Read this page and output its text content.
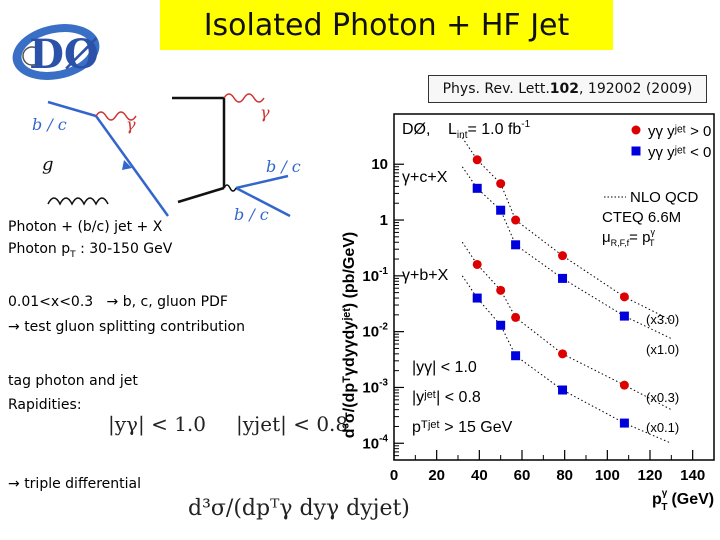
Isolated Photon + HF Jet
DØ
Phys. Rev. Lett. 102 , 192002 (2009)
b / c	γ
g
γ
b / c
b / c
Photon + (b/c) jet + X
Photon $p_T$ : 30-150 GeV
0.01<x<0.3 → b, c, gluon PDF
→ test gluon splitting contribution
tag photon and jet
Rapidities:
|yγ| < 1.0 |yjet| < 0.8
→ triple differential
d³σ/(dpᵀγ dyγ dyjet)
d³σ/(dpᵀγdyγdyʲᵉᵗ) (pb/GeV)
10
1
$10^{-1}$
$10^{-2}$
$10^{-3}$
$10^{-4}$
0 20 40 60 80 100 120 140
DØ, $L_{int}= 1.0$ $fb^{-1}$
γ+c+X
γ+b+X
yγ yʲᵉᵗ > 0
yγ yʲᵉᵗ < 0
NLO QCD
CTEQ 6.6M
$\mu_{R,F,f}= p^\gamma$ T
|yγ| < 1.0
|yʲᵉᵗ| < 0.8
pᵀʲᵉᵗ > 15 GeV
(x3.0)
(x1.0)
(x0.3)
(x0.1)
$p^\gamma$ T (GeV)
